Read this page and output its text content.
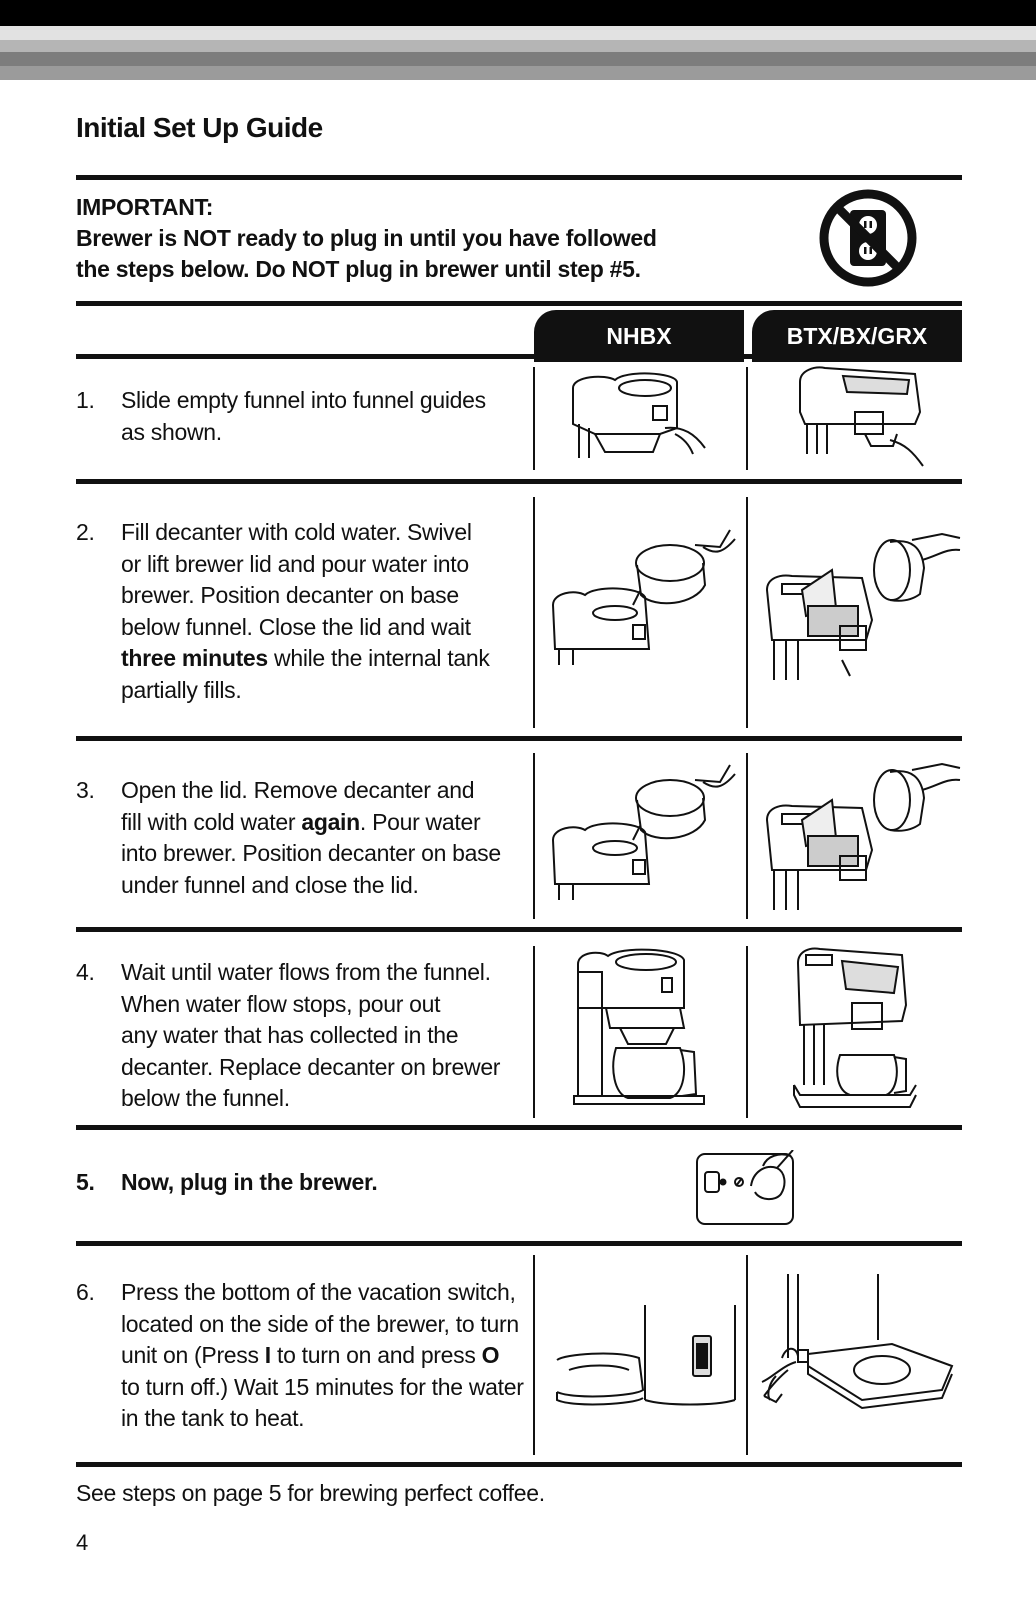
Initial Set Up Guide
IMPORTANT:
Brewer is NOT ready to plug in until you have followed
the steps below. Do NOT plug in brewer until step #5.
NHBX	BTX/BX/GRX
1.	Slide empty funnel into funnel guides
as shown.
2.	Fill decanter with cold water. Swivel
or lift brewer lid and pour water into
brewer. Position decanter on base
below funnel. Close the lid and wait
three minutes while the internal tank
partially fills.
3.	Open the lid. Remove decanter and
fill with cold water again. Pour water
into brewer. Position decanter on base
under funnel and close the lid.
4.	Wait until water flows from the funnel.
When water flow stops, pour out
any water that has collected in the
decanter. Replace decanter on brewer
below the funnel.
5.	Now, plug in the brewer.
6.	Press the bottom of the vacation switch,
located on the side of the brewer, to turn
unit on (Press I to turn on and press O
to turn off.) Wait 15 minutes for the water
in the tank to heat.
See steps on page 5 for brewing perfect coffee.
4
